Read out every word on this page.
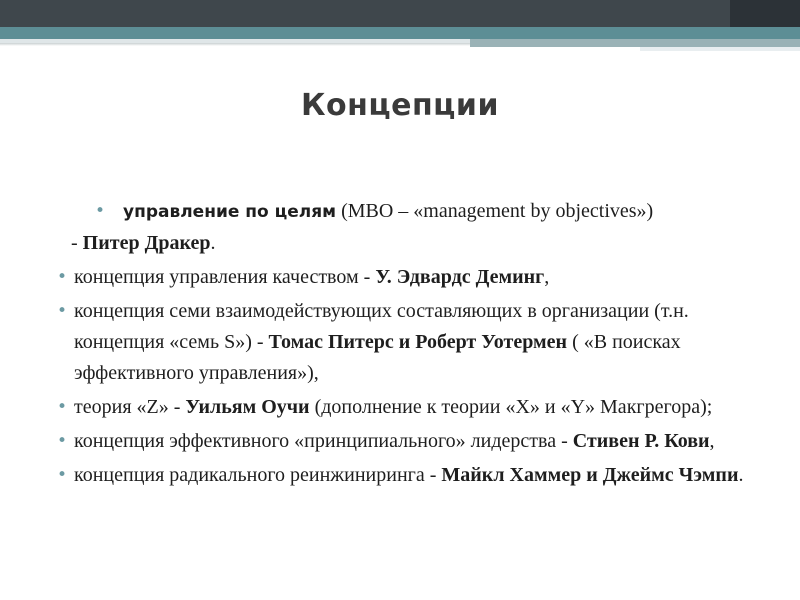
Концепции
• управление по целям (MBO – «management by objectives»)
- Питер Дракер.
• концепция управления качеством - У. Эдвардс Деминг,
• концепция семи взаимодействующих составляющих в организации (т.н. концепция «семь S») - Томас Питерс и Роберт Уотермен ( «В поисках эффективного управления»),
• теория «Z» - Уильям Оучи (дополнение к теории «X» и «Y» Макгрегора);
• концепция эффективного «принципиального» лидерства - Стивен Р. Кови,
• концепция радикального реинжиниринга - Майкл Хаммер и Джеймс Чэмпи.
